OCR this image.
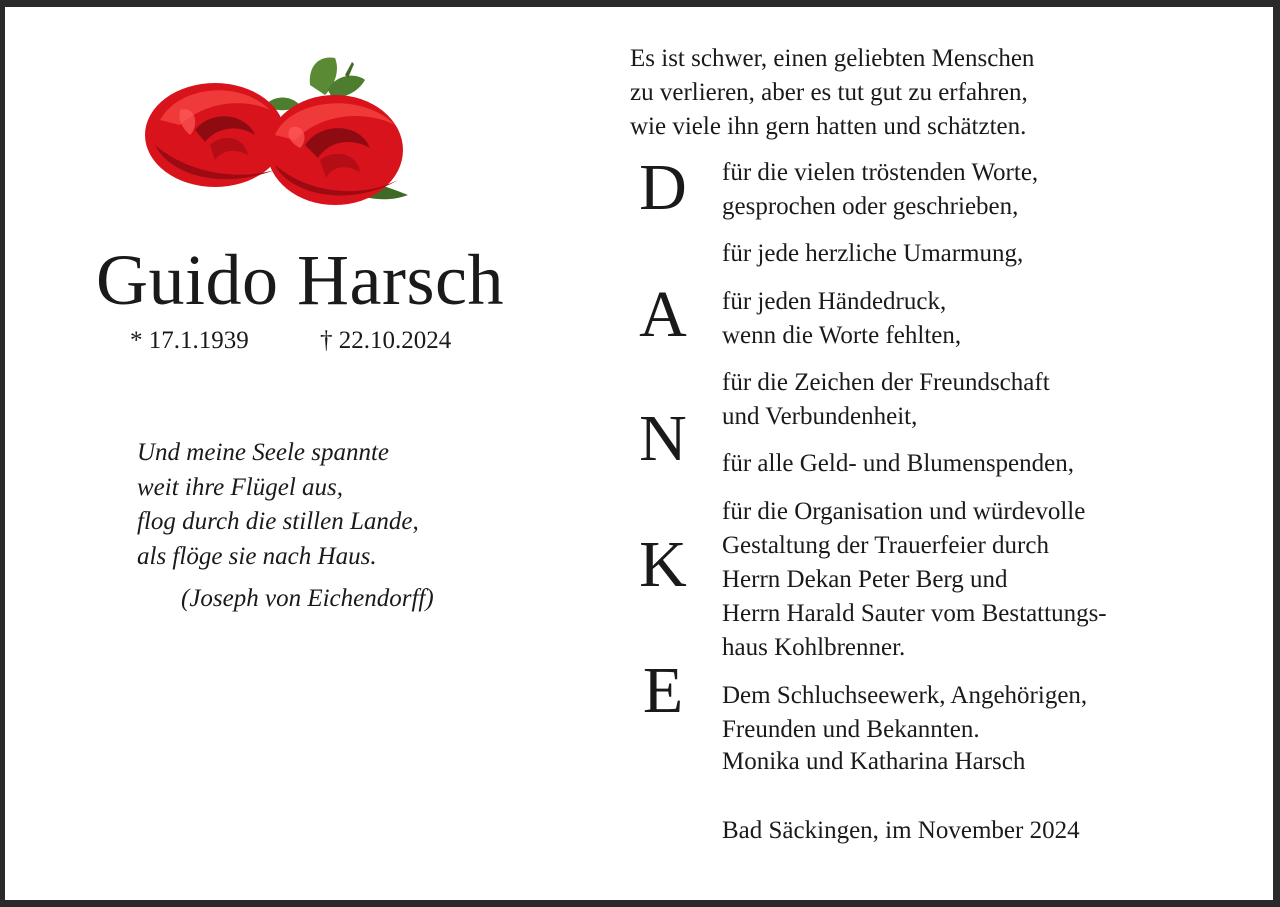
Guido Harsch
* 17.1.1939	† 22.10.2024
Und meine Seele spannte
weit ihre Flügel aus,
flog durch die stillen Lande,
als flöge sie nach Haus.
(Joseph von Eichendorff)
Es ist schwer, einen geliebten Menschen
zu verlieren, aber es tut gut zu erfahren,
wie viele ihn gern hatten und schätzten.
D
A
N
K
E

für die vielen tröstenden Worte,

gesprochen oder geschrieben,

für jede herzliche Umarmung,

für jeden Händedruck,

wenn die Worte fehlten,

für die Zeichen der Freundschaft

und Verbundenheit,

für alle Geld- und Blumenspenden,

für die Organisation und würdevolle

Gestaltung der Trauerfeier durch

Herrn Dekan Peter Berg und

Herrn Harald Sauter vom Bestattungs-

haus Kohlbrenner.

Dem Schluchseewerk, Angehörigen,

Freunden und Bekannten.

Monika und Katharina Harsch
Bad Säckingen, im November 2024
